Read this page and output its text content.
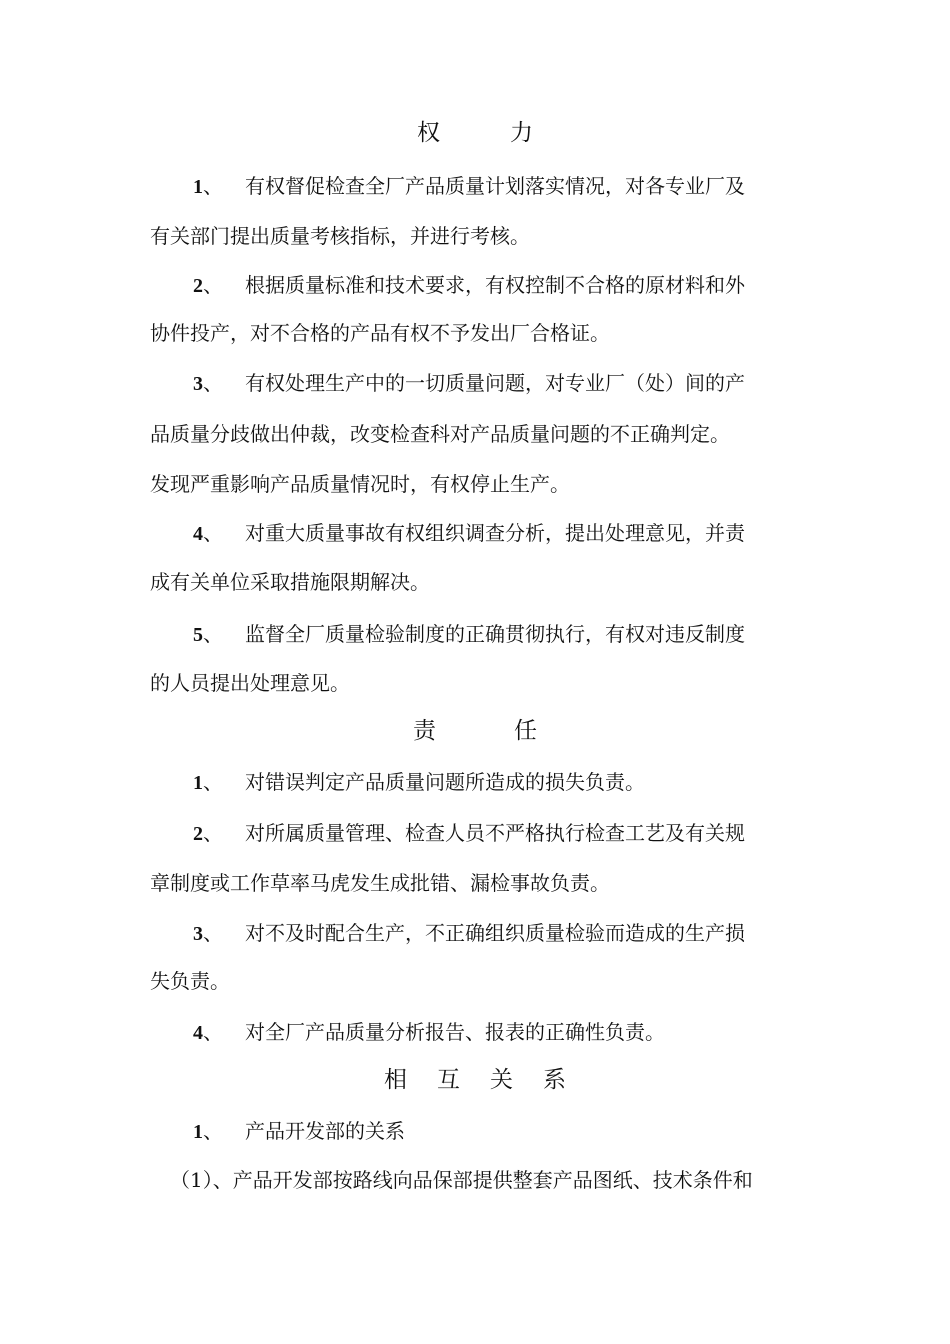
权	力
1、 有权督促检查全厂产品质量计划落实情况，对各专业厂及
有关部门提出质量考核指标，并进行考核。
2、 根据质量标准和技术要求，有权控制不合格的原材料和外
协件投产，对不合格的产品有权不予发出厂合格证。
3、 有权处理生产中的一切质量问题，对专业厂（处）间的产
品质量分歧做出仲裁，改变检查科对产品质量问题的不正确判定。
发现严重影响产品质量情况时，有权停止生产。
4、 对重大质量事故有权组织调查分析，提出处理意见，并责
成有关单位采取措施限期解决。
5、 监督全厂质量检验制度的正确贯彻执行，有权对违反制度
的人员提出处理意见。
责	任
1、 对错误判定产品质量问题所造成的损失负责。
2、 对所属质量管理、检查人员不严格执行检查工艺及有关规
章制度或工作草率马虎发生成批错、漏检事故负责。
3、 对不及时配合生产，不正确组织质量检验而造成的生产损
失负责。
4、 对全厂产品质量分析报告、报表的正确性负责。
相 互 关 系
1、 产品开发部的关系
（1）、产品开发部按路线向品保部提供整套产品图纸、技术条件和
